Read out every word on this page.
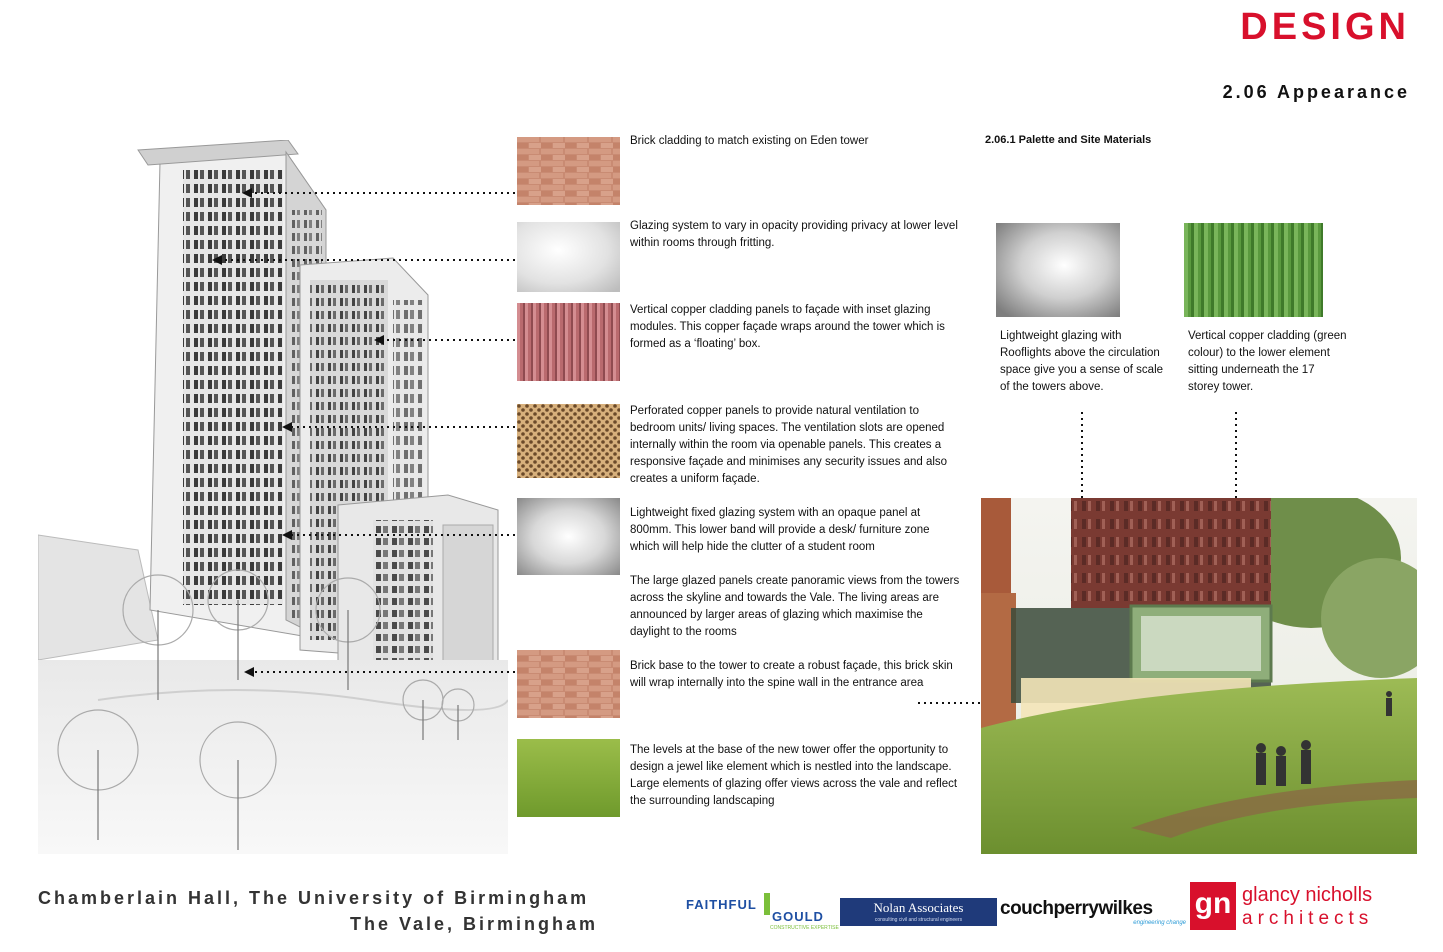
DESIGN
2.06 Appearance
Brick cladding to match existing on Eden tower
Glazing system to vary in opacity providing privacy at lower level within rooms through fritting.
Vertical copper cladding panels to façade with inset glazing modules. This copper façade wraps around the tower which is formed as a ‘floating’ box.
Perforated copper panels to provide natural ventilation to bedroom units/ living spaces. The ventilation slots are opened internally within the room via openable panels. This creates a responsive façade and minimises any security issues and also creates a uniform façade.
Lightweight fixed glazing system with an opaque panel at 800mm. This lower band will provide a desk/ furniture zone which will help hide the clutter of a student room
The large glazed panels create panoramic views from the towers across the skyline and towards the Vale. The living areas are announced by larger areas of glazing which maximise the daylight to the rooms
Brick base to the tower to create a robust façade, this brick skin will wrap internally into the spine wall in the entrance area
The levels at the base of the new tower offer the opportunity to design a jewel like element which is nestled into the landscape. Large elements of glazing offer views across the vale and reflect the surrounding landscaping
2.06.1 Palette and Site Materials
Lightweight glazing with Rooflights above the circulation space give you a sense of scale of the towers above.
Vertical copper cladding (green colour) to the lower element sitting underneath the 17 storey tower.
Chamberlain Hall, The University of Birmingham
The Vale, Birmingham
FAITHFUL
GOULD
CONSTRUCTIVE EXPERTISE
Nolan Associates
consulting civil and structural engineers
couchperrywilkes
engineering change
gn glancy nicholls
architects
